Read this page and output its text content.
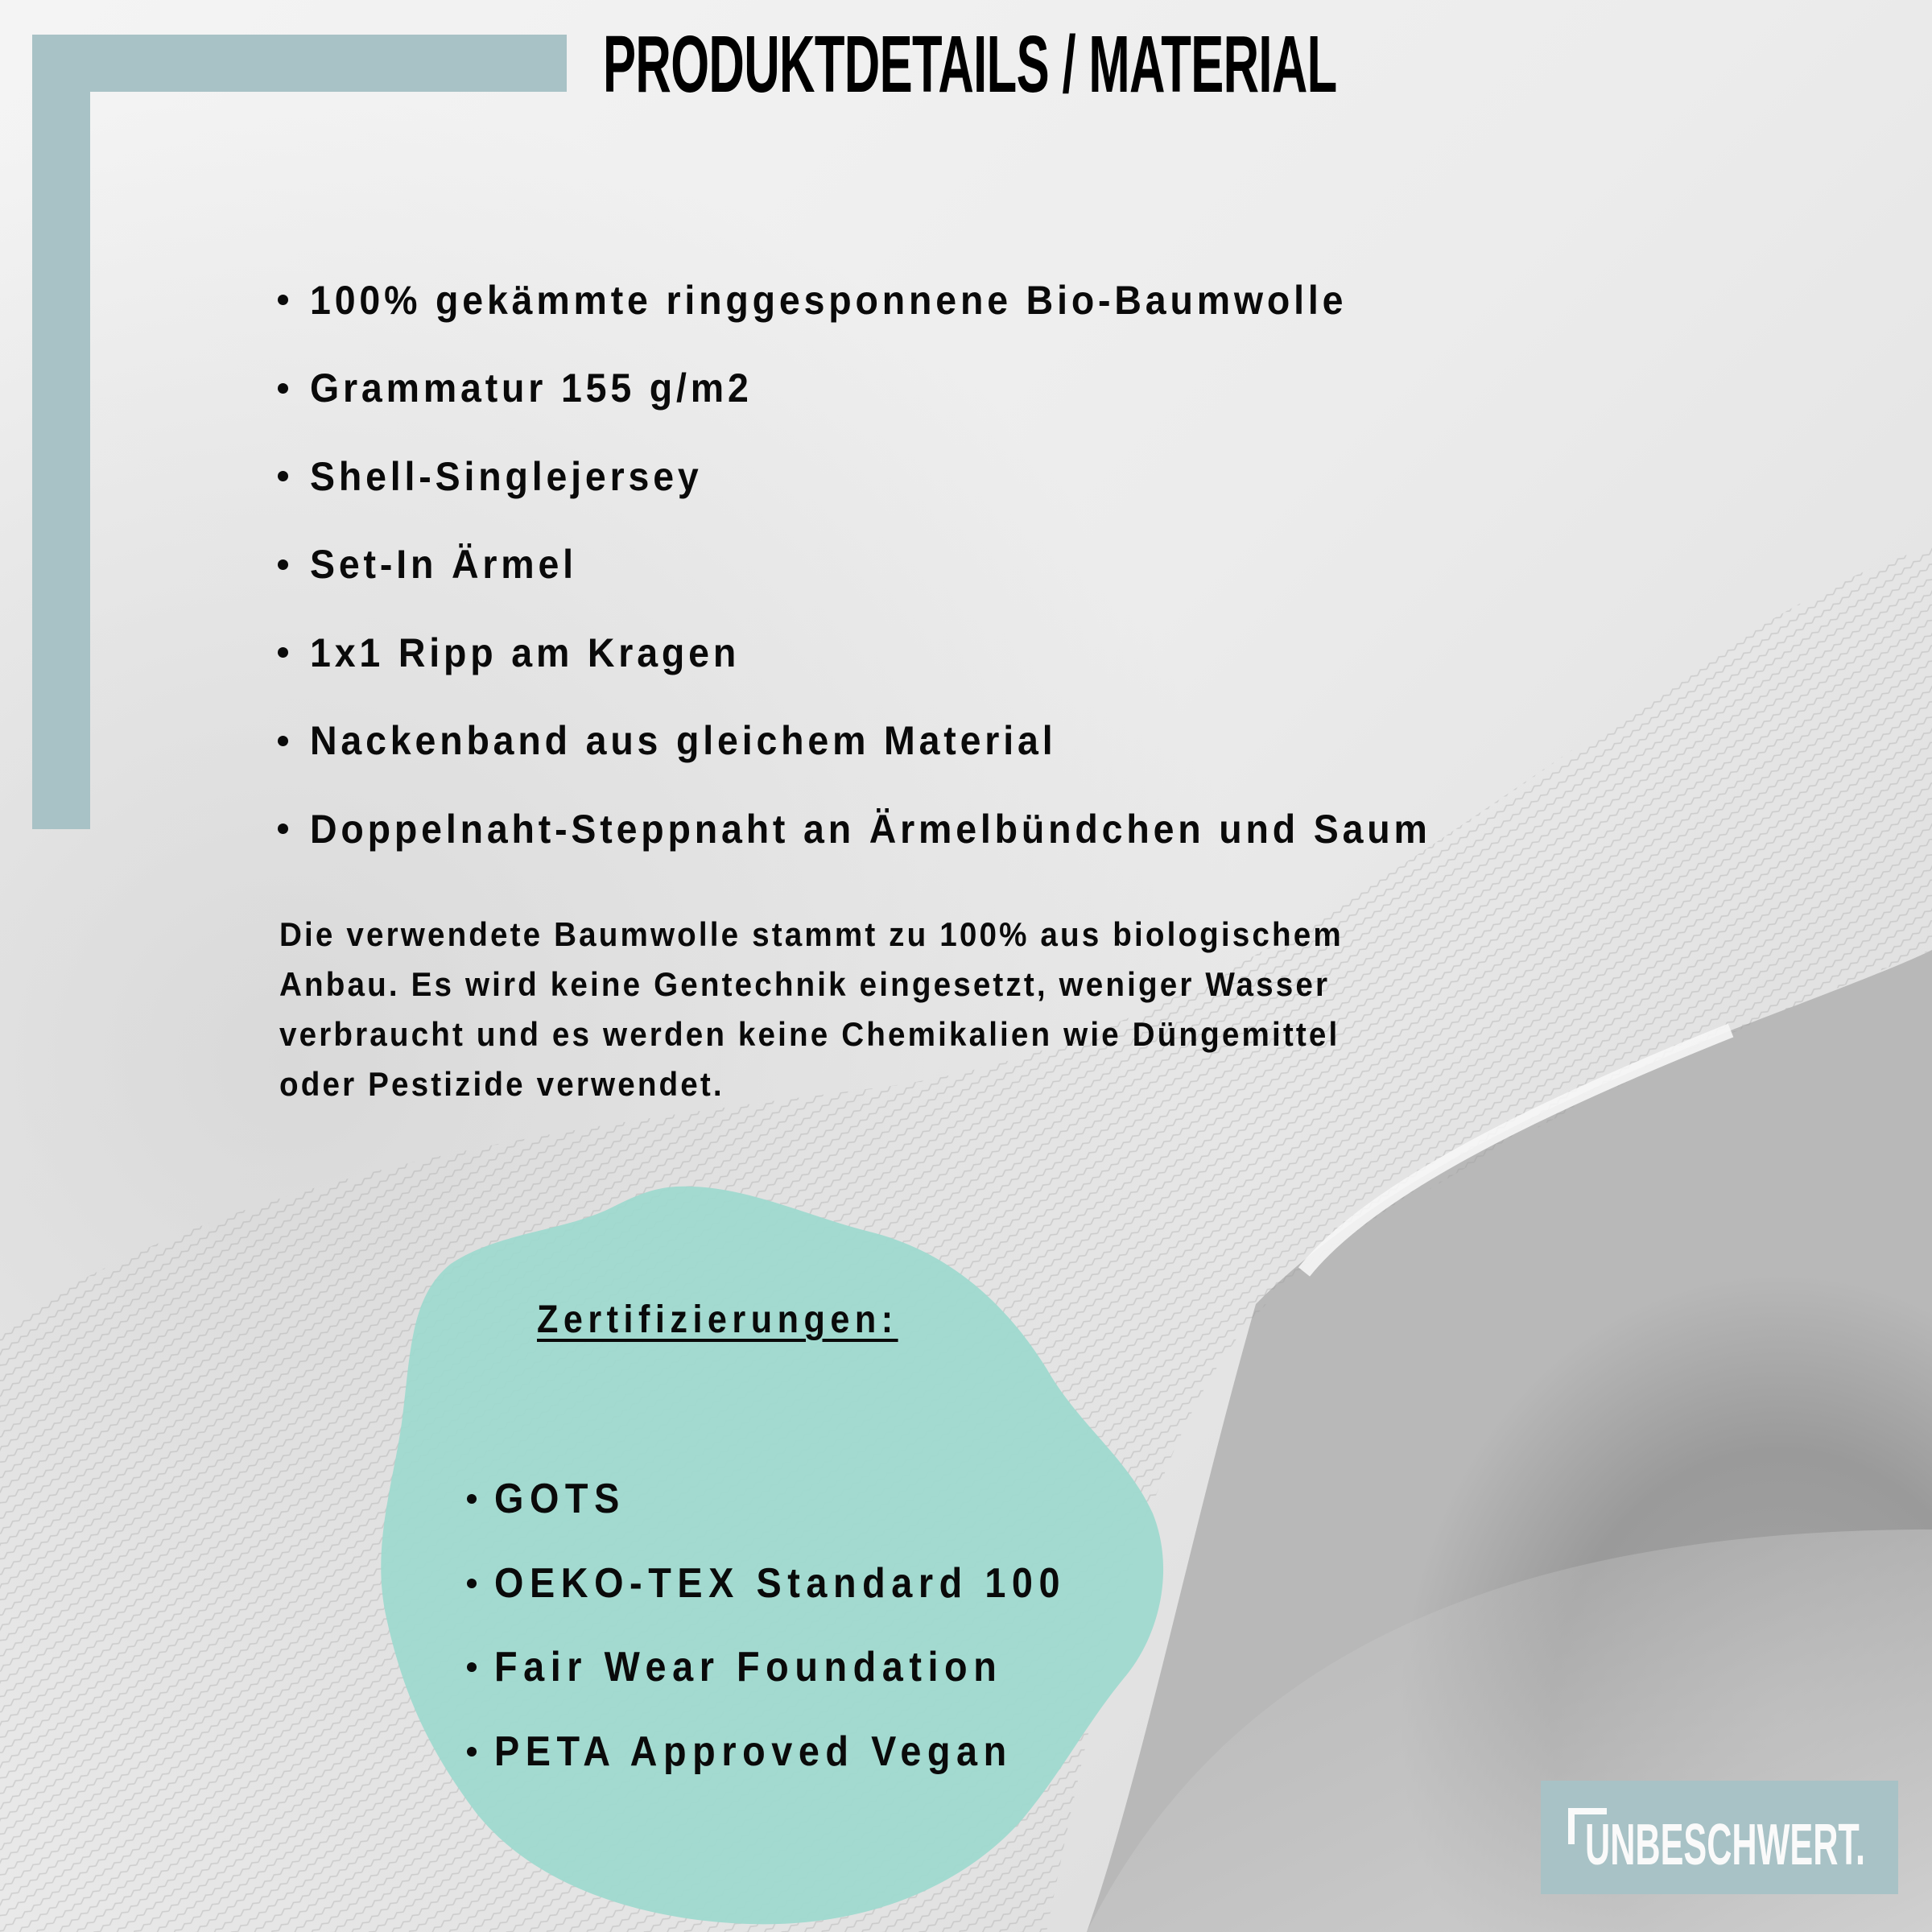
PRODUKTDETAILS / MATERIAL
100% gekämmte ringgesponnene Bio-Baumwolle
Grammatur 155 g/m2
Shell-Singlejersey
Set-In Ärmel
1x1 Ripp am Kragen
Nackenband aus gleichem Material
Doppelnaht-Steppnaht an Ärmelbündchen und Saum

Die verwendete Baumwolle stammt zu 100% aus biologischem
Anbau. Es wird keine Gentechnik eingesetzt, weniger Wasser
verbraucht und es werden keine Chemikalien wie Düngemittel
oder Pestizide verwendet.

Zertifizierungen:
GOTS
OEKO-TEX Standard 100
Fair Wear Foundation
PETA Approved Vegan
UNBESCHWERT.
